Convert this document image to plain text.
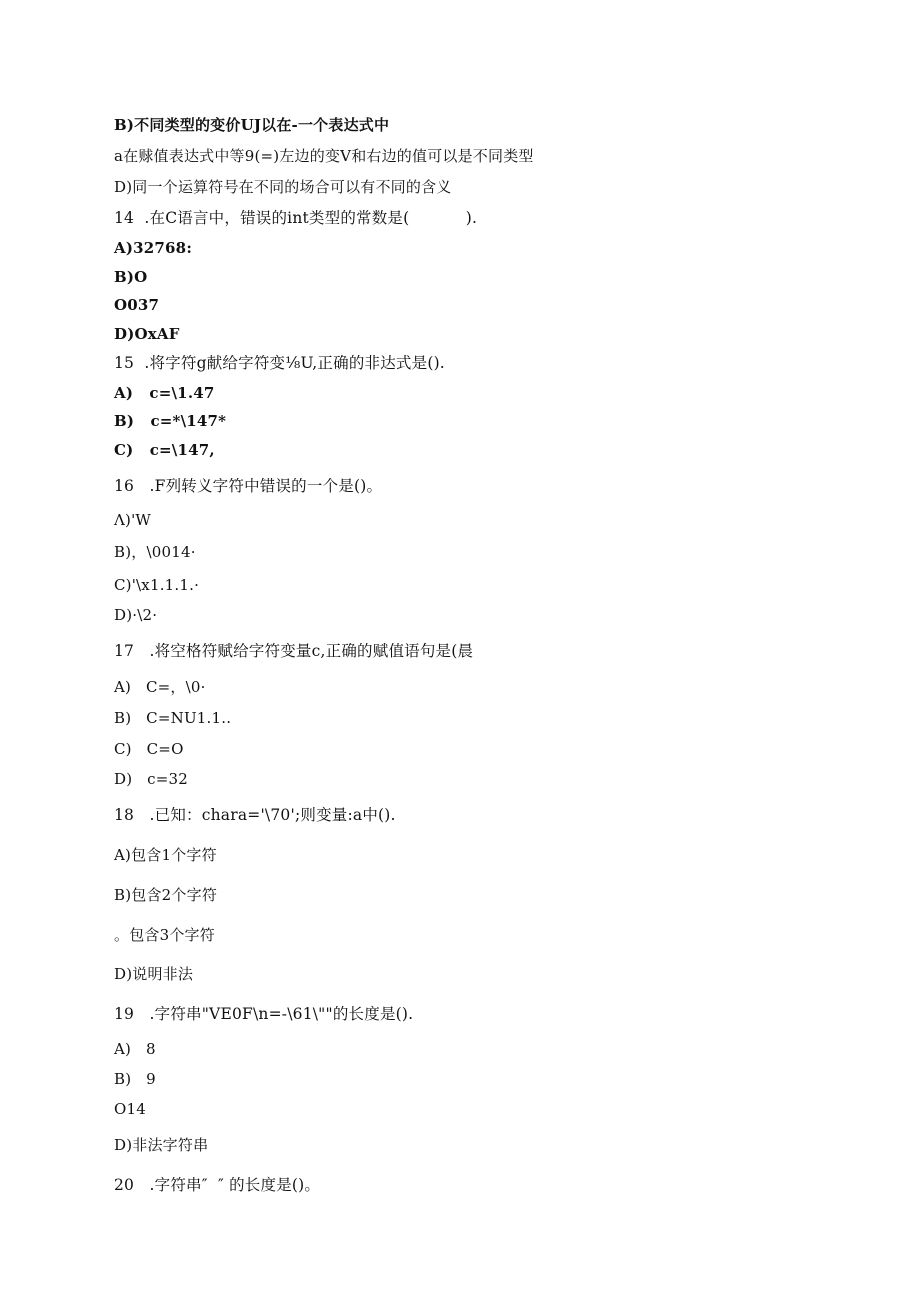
B)不同类型的变价UJ以在-一个表达式中
a在赇值表达式中等9(=)左边的变V和右边的值可以是不同类型
D)同一个运算符号在不同的场合可以有不同的含义
14  .在C语言中，错误的int类型的常数是(           ).
A)32768:
B)O
O037
D)OxAF
15  .将字符g献给字符变⅛U,正确的非达式是().
A)   c=\1.47
B)   c=*\147*
C)   c=\147,
16   .F列转义字符中错误的一个是()。
Λ)'W
B)，\0014·
C)'\x1.1.1.·
D)·\2·
17   .将空格符赋给字符变量c,正确的赋值语句是(晨
A)   C=，\0·
B)   C=NU1.1..
C)   C=O
D)   c=32
18   .已知：chara='\70';则变量:a中().
A)包含1个字符
B)包含2个字符
。包含3个字符
D)说明非法
19   .字符串"VE0F\n=-\61\""的长度是().
A)   8
B)   9
O14
D)非法字符串
20   .字符串″  ″ 的长度是()。
